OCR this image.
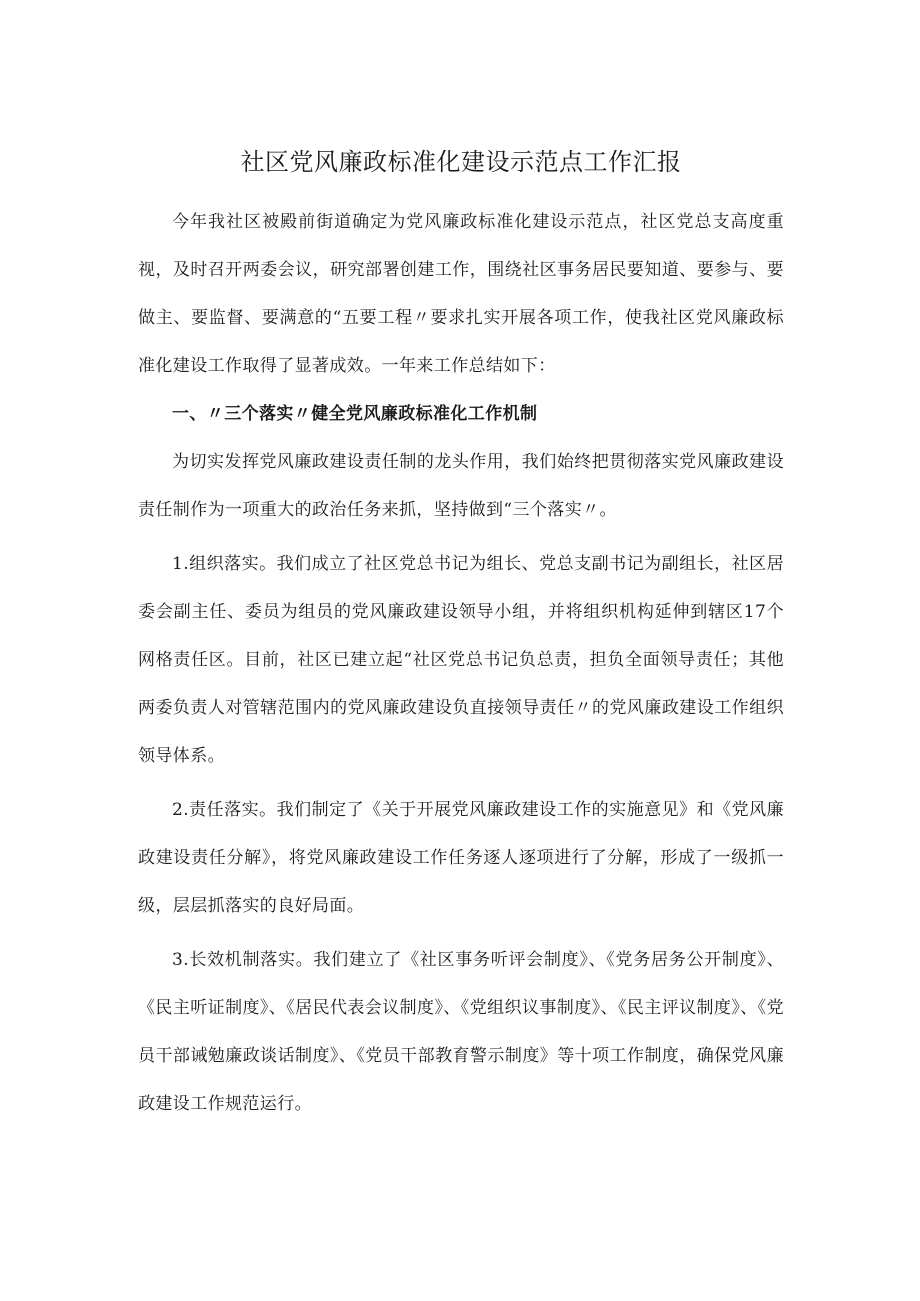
社区党风廉政标准化建设示范点工作汇报

今年我社区被殿前街道确定为党风廉政标准化建设示范点，社区党总支高度重视，及时召开两委会议，研究部署创建工作，围绕社区事务居民要知道、要参与、要做主、要监督、要满意的“五要工程〃要求扎实开展各项工作，使我社区党风廉政标准化建设工作取得了显著成效。一年来工作总结如下：

一、〃三个落实〃健全党风廉政标准化工作机制

为切实发挥党风廉政建设责任制的龙头作用，我们始终把贯彻落实党风廉政建设责任制作为一项重大的政治任务来抓，坚持做到“三个落实〃。

1.组织落实。我们成立了社区党总书记为组长、党总支副书记为副组长，社区居委会副主任、委员为组员的党风廉政建设领导小组，并将组织机构延伸到辖区17个网格责任区。目前，社区已建立起“社区党总书记负总责，担负全面领导责任；其他两委负责人对管辖范围内的党风廉政建设负直接领导责任〃的党风廉政建设工作组织领导体系。

2.责任落实。我们制定了《关于开展党风廉政建设工作的实施意见》和《党风廉政建设责任分解》，将党风廉政建设工作任务逐人逐项进行了分解，形成了一级抓一级，层层抓落实的良好局面。

3.长效机制落实。我们建立了《社区事务听评会制度》、《党务居务公开制度》、《民主听证制度》、《居民代表会议制度》、《党组织议事制度》、《民主评议制度》、《党员干部诫勉廉政谈话制度》、《党员干部教育警示制度》等十项工作制度，确保党风廉政建设工作规范运行。
